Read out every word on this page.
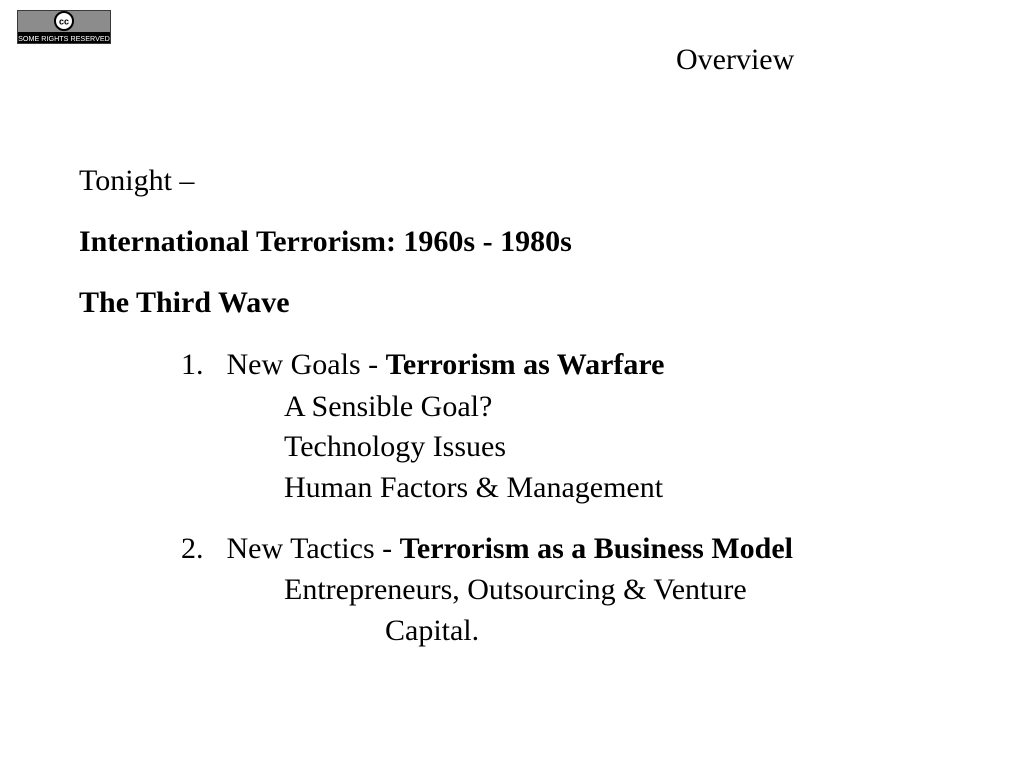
cc
SOME RIGHTS RESERVED
Overview
Tonight –
International Terrorism: 1960s - 1980s
The Third Wave
1. New Goals - Terrorism as Warfare
A Sensible Goal?
Technology Issues
Human Factors & Management
2. New Tactics - Terrorism as a Business Model
Entrepreneurs, Outsourcing & Venture
Capital.
